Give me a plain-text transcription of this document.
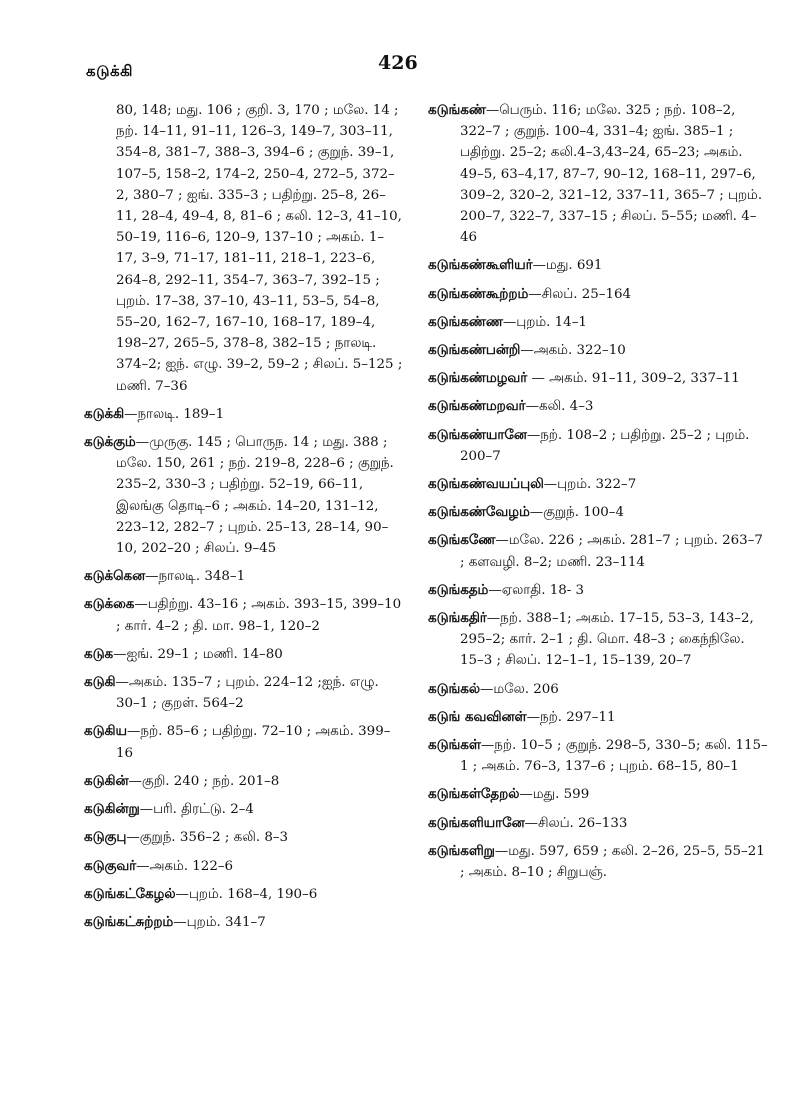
கடுக்கி	426
80, 148; மது. 106 ; குறி. 3, 170 ; மலே. 14 ; நற். 14–11, 91–11, 126–3, 149–7, 303–11, 354–8, 381–7, 388–3, 394–6 ; குறுந். 39–1, 107–5, 158–2, 174–2, 250–4, 272–5, 372–2, 380–7 ; ஐங். 335–3 ; பதிற்று. 25–8, 26–11, 28–4, 49–4, 8, 81–6 ; கலி. 12–3, 41–10, 50–19, 116–6, 120–9, 137–10 ; அகம். 1–17, 3–9, 71–17, 181–11, 218–1, 223–6, 264–8, 292–11, 354–7, 363–7, 392–15 ; புறம். 17–38, 37–10, 43–11, 53–5, 54–8, 55–20, 162–7, 167–10, 168–17, 189–4, 198–27, 265–5, 378–8, 382–15 ; நாலடி. 374–2; ஐந். எழு. 39–2, 59–2 ; சிலப். 5–125 ; மணி. 7–36
கடுக்கி—நாலடி. 189–1
கடுக்கும்—முருகு. 145 ; பொருந. 14 ; மது. 388 ; மலே. 150, 261 ; நற். 219–8, 228–6 ; குறுந். 235–2, 330–3 ; பதிற்று. 52–19, 66–11, இலங்கு தொடி–6 ; அகம். 14–20, 131–12, 223–12, 282–7 ; புறம். 25–13, 28–14, 90–10, 202–20 ; சிலப். 9–45
கடுக்கென—நாலடி. 348–1
கடுக்கை—பதிற்று. 43–16 ; அகம். 393–15, 399–10 ; கார். 4–2 ; தி. மா. 98–1, 120–2
கடுக—ஐங். 29–1 ; மணி. 14–80
கடுகி—அகம். 135–7 ; புறம். 224–12 ;ஐந். எழு. 30–1 ; குறள். 564–2
கடுகிய—நற். 85–6 ; பதிற்று. 72–10 ; அகம். 399–16
கடுகின்—குறி. 240 ; நற். 201–8
கடுகின்று—பரி. திரட்டு. 2–4
கடுகுபு—குறுந். 356–2 ; கலி. 8–3
கடுகுவர்—அகம். 122–6
கடுங்கட்கேழல்—புறம். 168–4, 190–6
கடுங்கட்சுற்றம்—புறம். 341–7
கடுங்கண்—பெரும். 116; மலே. 325 ; நற். 108–2, 322–7 ; குறுந். 100–4, 331–4; ஐங். 385–1 ; பதிற்று. 25–2; கலி.4–3,43–24, 65–23; அகம். 49–5, 63–4,17, 87–7, 90–12, 168–11, 297–6, 309–2, 320–2, 321–12, 337–11, 365–7 ; புறம். 200–7, 322–7, 337–15 ; சிலப். 5–55; மணி. 4–46
கடுங்கண்கூளியர்—மது. 691
கடுங்கண்கூற்றம்—சிலப். 25–164
கடுங்கண்ண—புறம். 14–1
கடுங்கண்பன்றி—அகம். 322–10
கடுங்கண்மழவர் — அகம். 91–11, 309–2, 337–11
கடுங்கண்மறவர்—கலி. 4–3
கடுங்கண்யானே—நற். 108–2 ; பதிற்று. 25–2 ; புறம். 200–7
கடுங்கண்வயப்புலி—புறம். 322–7
கடுங்கண்வேழம்—குறுந். 100–4
கடுங்கணே—மலே. 226 ; அகம். 281–7 ; புறம். 263–7 ; களவழி. 8–2; மணி. 23–114
கடுங்கதம்—ஏலாதி. 18- 3
கடுங்கதிர்—நற். 388–1; அகம். 17–15, 53–3, 143–2, 295–2; கார். 2–1 ; தி. மொ. 48–3 ; கைந்நிலே. 15–3 ; சிலப். 12–1–1, 15–139, 20–7
கடுங்கல்—மலே. 206
கடுங் கவவினள்—நற். 297–11
கடுங்கள்—நற். 10–5 ; குறுந். 298–5, 330–5; கலி. 115–1 ; அகம். 76–3, 137–6 ; புறம். 68–15, 80–1
கடுங்கள்தேறல்—மது. 599
கடுங்களியானே—சிலப். 26–133
கடுங்களிறு—மது. 597, 659 ; கலி. 2–26, 25–5, 55–21 ; அகம். 8–10 ; சிறுபஞ்.
